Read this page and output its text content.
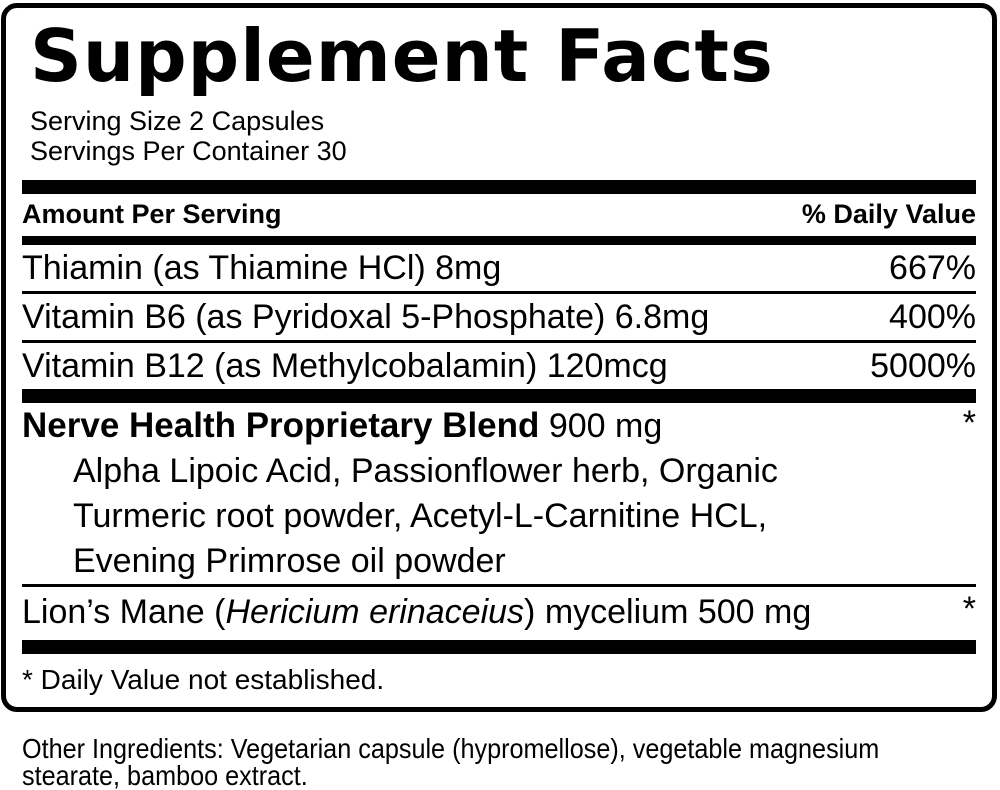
Supplement Facts
Serving Size 2 Capsules
Servings Per Container 30
Amount Per Serving	% Daily Value
Thiamin (as Thiamine HCl) 8mg	667%
Vitamin B6 (as Pyridoxal 5-Phosphate) 6.8mg	400%
Vitamin B12 (as Methylcobalamin) 120mcg	5000%
Nerve Health Proprietary Blend 900 mg	*
Alpha Lipoic Acid, Passionflower herb, Organic
Turmeric root powder, Acetyl-L-Carnitine HCL,
Evening Primrose oil powder
Lion’s Mane (Hericium erinaceius) mycelium 500 mg	*
* Daily Value not established.
Other Ingredients: Vegetarian capsule (hypromellose), vegetable magnesium
stearate, bamboo extract.
